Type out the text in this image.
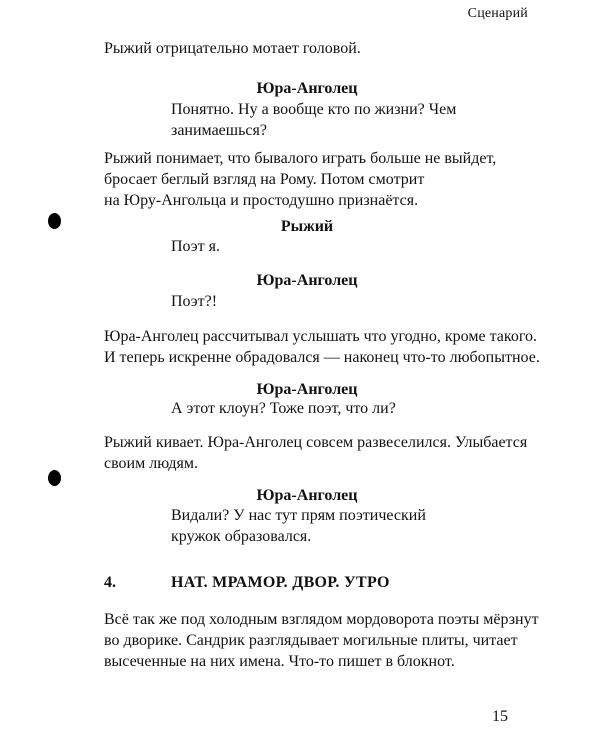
Сценарий
Рыжий отрицательно мотает головой.
Юра-Анголец
Понятно. Ну а вообще кто по жизни? Чем
занимаешься?
Рыжий понимает, что бывалого играть больше не выйдет,
бросает беглый взгляд на Рому. Потом смотрит
на Юру-Ангольца и простодушно признаётся.
Рыжий
Поэт я.
Юра-Анголец
Поэт?!
Юра-Анголец рассчитывал услышать что угодно, кроме такого.
И теперь искренне обрадовался — наконец что-то любопытное.
Юра-Анголец
А этот клоун? Тоже поэт, что ли?
Рыжий кивает. Юра-Анголец совсем развеселился. Улыбается
своим людям.
Юра-Анголец
Видали? У нас тут прям поэтический
кружок образовался.
4.	НАТ. МРАМОР. ДВОР. УТРО
Всё так же под холодным взглядом мордоворота поэты мёрзнут
во дворике. Сандрик разглядывает могильные плиты, читает
высеченные на них имена. Что-то пишет в блокнот.
15
